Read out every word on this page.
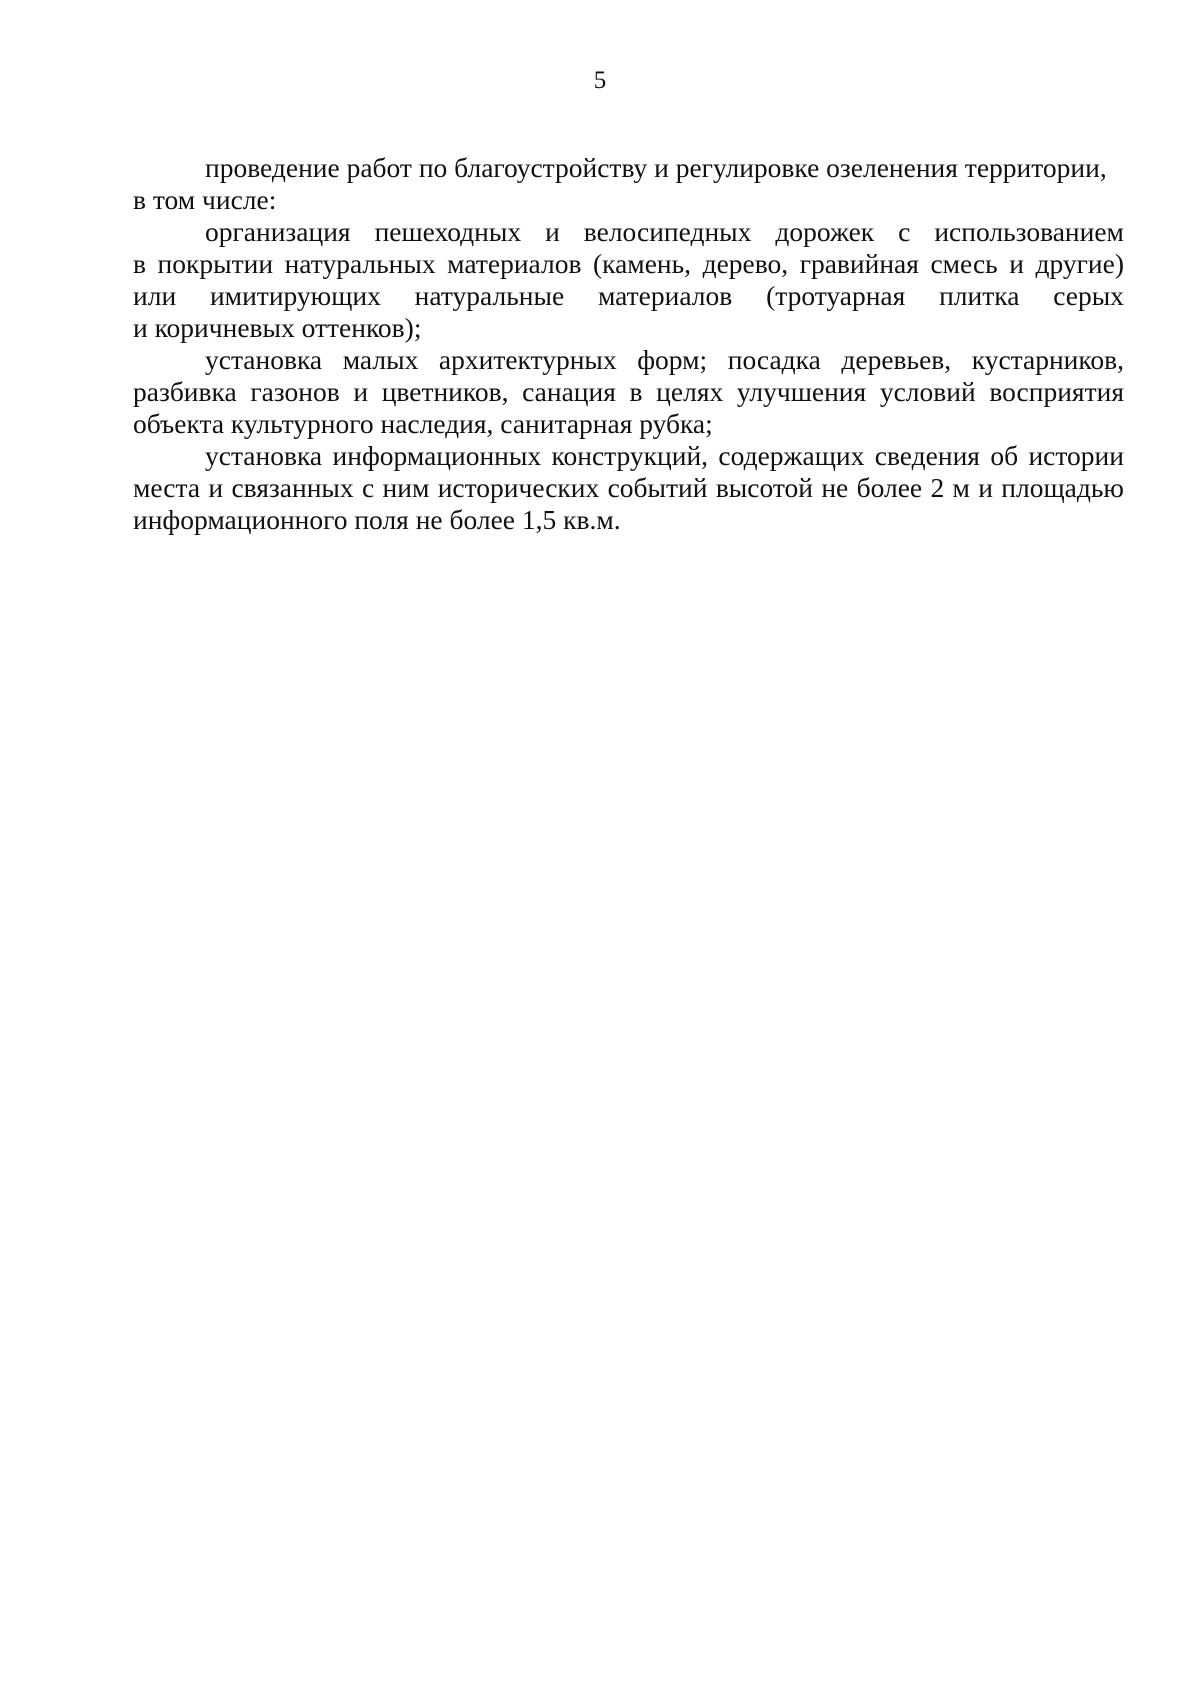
5
проведение работ по благоустройству и регулировке озеленения территории,
в том числе:
организация пешеходных и велосипедных дорожек с использованием
в покрытии натуральных материалов (камень, дерево, гравийная смесь и другие)
или имитирующих натуральные материалов (тротуарная плитка серых
и коричневых оттенков);
установка малых архитектурных форм; посадка деревьев, кустарников,
разбивка газонов и цветников, санация в целях улучшения условий восприятия
объекта культурного наследия, санитарная рубка;
установка информационных конструкций, содержащих сведения об истории
места и связанных с ним исторических событий высотой не более 2 м и площадью
информационного поля не более 1,5 кв.м.
